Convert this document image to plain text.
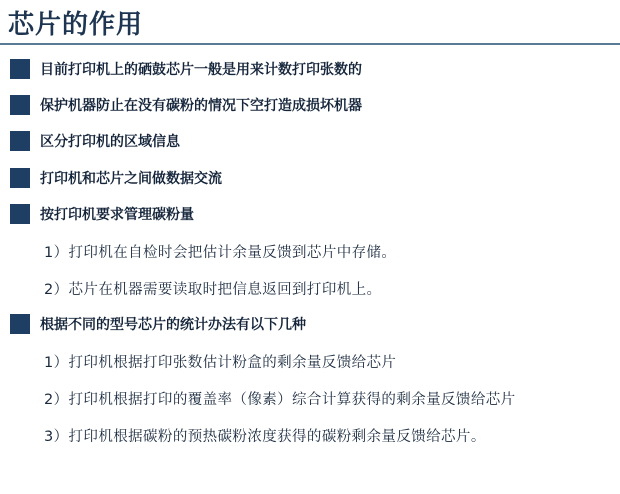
芯片的作用
目前打印机上的硒鼓芯片一般是用来计数打印张数的
保护机器防止在没有碳粉的情况下空打造成损坏机器
区分打印机的区域信息
打印机和芯片之间做数据交流
按打印机要求管理碳粉量
1）打印机在自检时会把估计余量反馈到芯片中存储。
2）芯片在机器需要读取时把信息返回到打印机上。
根据不同的型号芯片的统计办法有以下几种
1）打印机根据打印张数估计粉盒的剩余量反馈给芯片
2）打印机根据打印的覆盖率（像素）综合计算获得的剩余量反馈给芯片
3）打印机根据碳粉的预热碳粉浓度获得的碳粉剩余量反馈给芯片。
